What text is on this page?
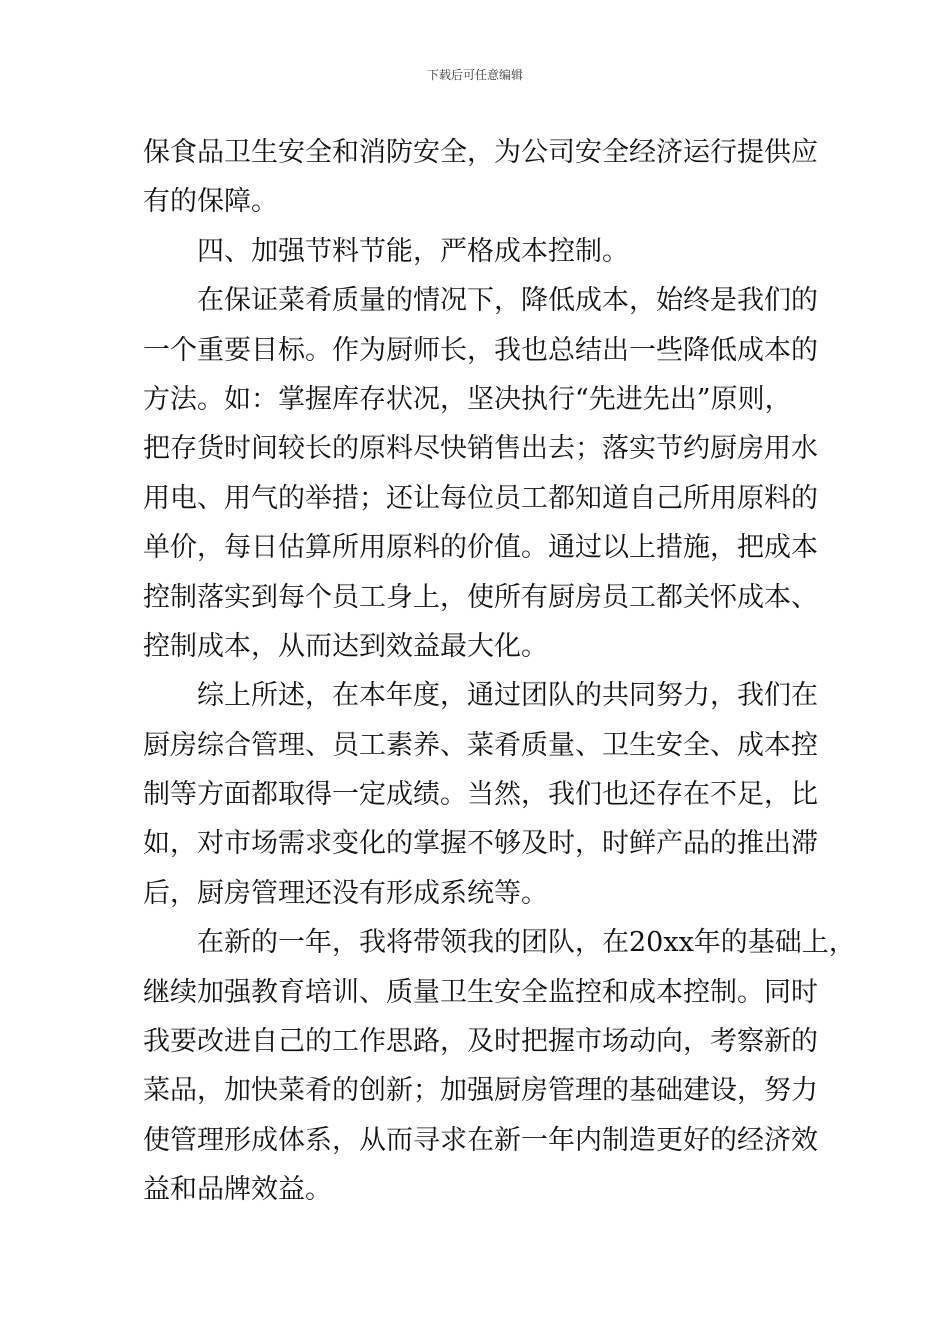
下载后可任意编辑
保食品卫生安全和消防安全，为公司安全经济运行提供应
有的保障。
四、加强节料节能，严格成本控制。
在保证菜肴质量的情况下，降低成本，始终是我们的
一个重要目标。作为厨师长，我也总结出一些降低成本的
方法。如：掌握库存状况，坚决执行“先进先出”原则，
把存货时间较长的原料尽快销售出去；落实节约厨房用水
用电、用气的举措；还让每位员工都知道自己所用原料的
单价，每日估算所用原料的价值。通过以上措施，把成本
控制落实到每个员工身上，使所有厨房员工都关怀成本、
控制成本，从而达到效益最大化。
综上所述，在本年度，通过团队的共同努力，我们在
厨房综合管理、员工素养、菜肴质量、卫生安全、成本控
制等方面都取得一定成绩。当然，我们也还存在不足，比
如，对市场需求变化的掌握不够及时，时鲜产品的推出滞
后，厨房管理还没有形成系统等。
在新的一年，我将带领我的团队，在20xx年的基础上，
继续加强教育培训、质量卫生安全监控和成本控制。同时
我要改进自己的工作思路，及时把握市场动向，考察新的
菜品，加快菜肴的创新；加强厨房管理的基础建设，努力
使管理形成体系，从而寻求在新一年内制造更好的经济效
益和品牌效益。
